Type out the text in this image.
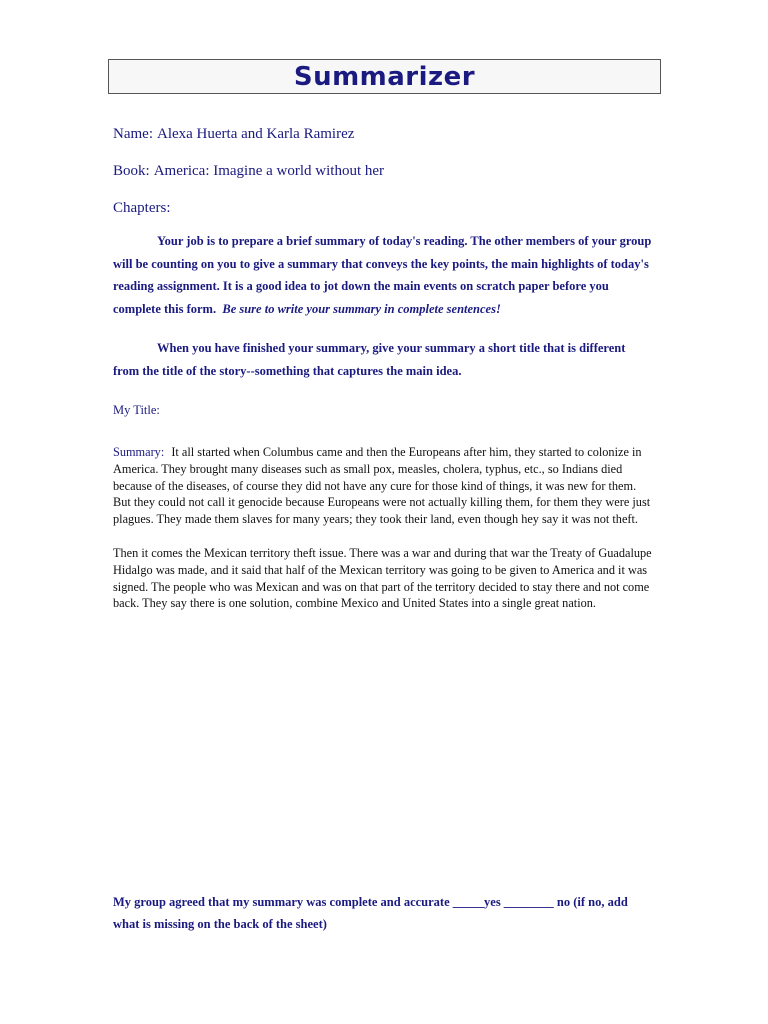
Summarizer
Name: Alexa Huerta and Karla Ramirez
Book: America: Imagine a world without her
Chapters:
Your job is to prepare a brief summary of today's reading. The other members of your group will be counting on you to give a summary that conveys the key points, the main highlights of today's reading assignment. It is a good idea to jot down the main events on scratch paper before you complete this form. Be sure to write your summary in complete sentences!
When you have finished your summary, give your summary a short title that is different from the title of the story--something that captures the main idea.
My Title:

Summary: It all started when Columbus came and then the Europeans after him, they started to colonize in America. They brought many diseases such as small pox, measles, cholera, typhus, etc., so Indians died because of the diseases, of course they did not have any cure for those kind of things, it was new for them. But they could not call it genocide because Europeans were not actually killing them, for them they were just plagues. They made them slaves for many years; they took their land, even though hey say it was not theft.

Then it comes the Mexican territory theft issue. There was a war and during that war the Treaty of Guadalupe Hidalgo was made, and it said that half of the Mexican territory was going to be given to America and it was signed. The people who was Mexican and was on that part of the territory decided to stay there and not come back. They say there is one solution, combine Mexico and United States into a single great nation.

My group agreed that my summary was complete and accurate _____yes ________ no (if no, add what is missing on the back of the sheet)
